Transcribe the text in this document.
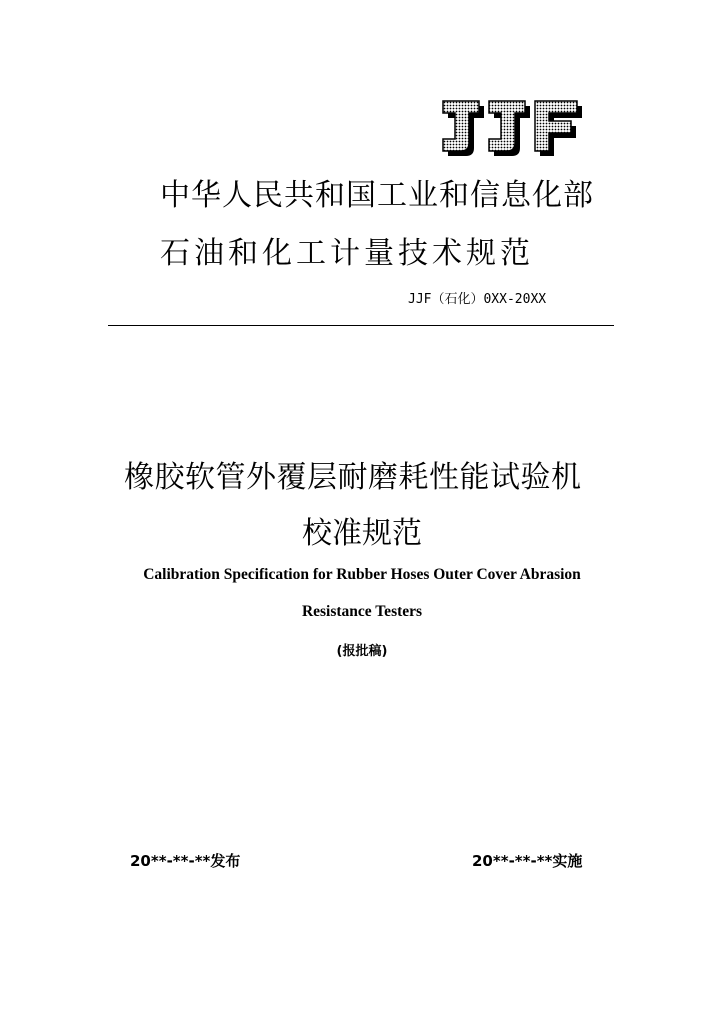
中华人民共和国工业和信息化部
石油和化工计量技术规范
JJF（石化）0XX-20XX
橡胶软管外覆层耐磨耗性能试验机
校准规范
Calibration Specification for Rubber Hoses Outer Cover Abrasion
Resistance Testers
(报批稿)
20**-**-**发布	20**-**-**实施
